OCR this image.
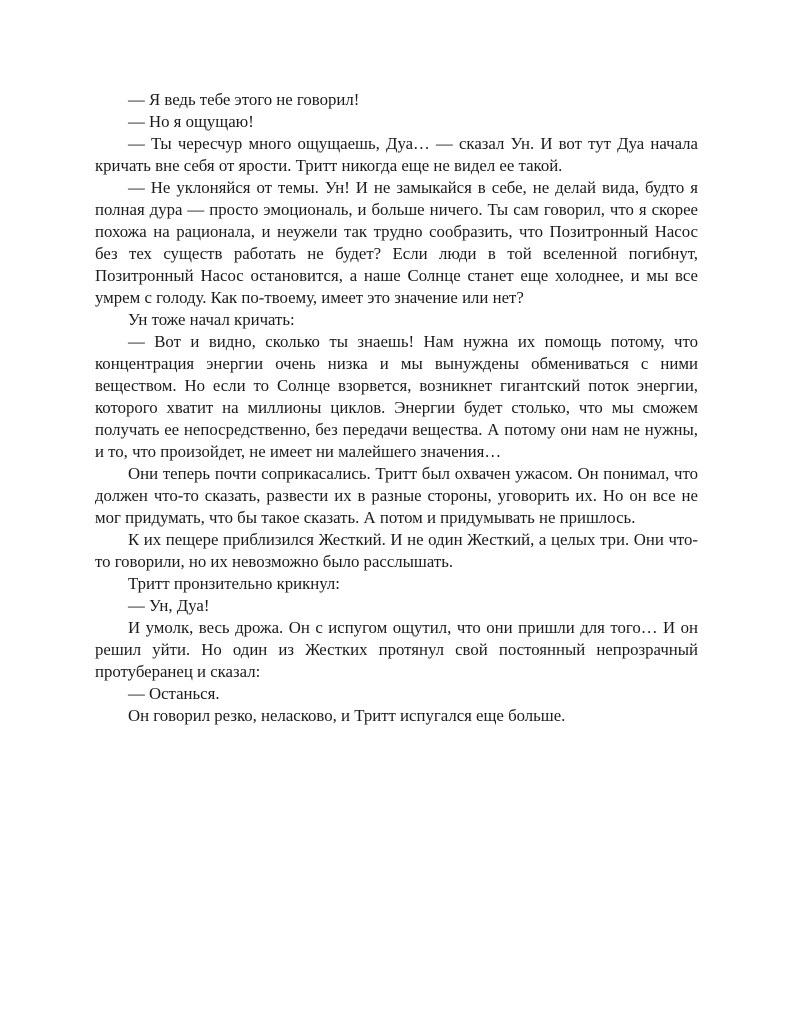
— Я ведь тебе этого не говорил!

— Но я ощущаю!

— Ты чересчур много ощущаешь, Дуа… — сказал Ун. И вот тут Дуа начала кричать вне себя от ярости. Тритт никогда еще не видел ее такой.

— Не уклоняйся от темы. Ун! И не замыкайся в себе, не делай вида, будто я полная дура — просто эмоциональ, и больше ничего. Ты сам говорил, что я скорее похожа на рационала, и неужели так трудно сообразить, что Позитронный Насос без тех существ работать не будет? Если люди в той вселенной погибнут, Позитронный Насос остановится, а наше Солнце станет еще холоднее, и мы все умрем с голоду. Как по-твоему, имеет это значение или нет?

Ун тоже начал кричать:

— Вот и видно, сколько ты знаешь! Нам нужна их помощь потому, что концентрация энергии очень низка и мы вынуждены обмениваться с ними веществом. Но если то Солнце взорвется, возникнет гигантский поток энергии, которого хватит на миллионы циклов. Энергии будет столько, что мы сможем получать ее непосредственно, без передачи вещества. А потому они нам не нужны, и то, что произойдет, не имеет ни малейшего значения…

Они теперь почти соприкасались. Тритт был охвачен ужасом. Он понимал, что должен что-то сказать, развести их в разные стороны, уговорить их. Но он все не мог придумать, что бы такое сказать. А потом и придумывать не пришлось.

К их пещере приблизился Жесткий. И не один Жесткий, а целых три. Они что-то говорили, но их невозможно было расслышать.

Тритт пронзительно крикнул:

— Ун, Дуа!

И умолк, весь дрожа. Он с испугом ощутил, что они пришли для того… И он решил уйти. Но один из Жестких протянул свой постоянный непрозрачный протуберанец и сказал:

— Останься.

Он говорил резко, неласково, и Тритт испугался еще больше.
